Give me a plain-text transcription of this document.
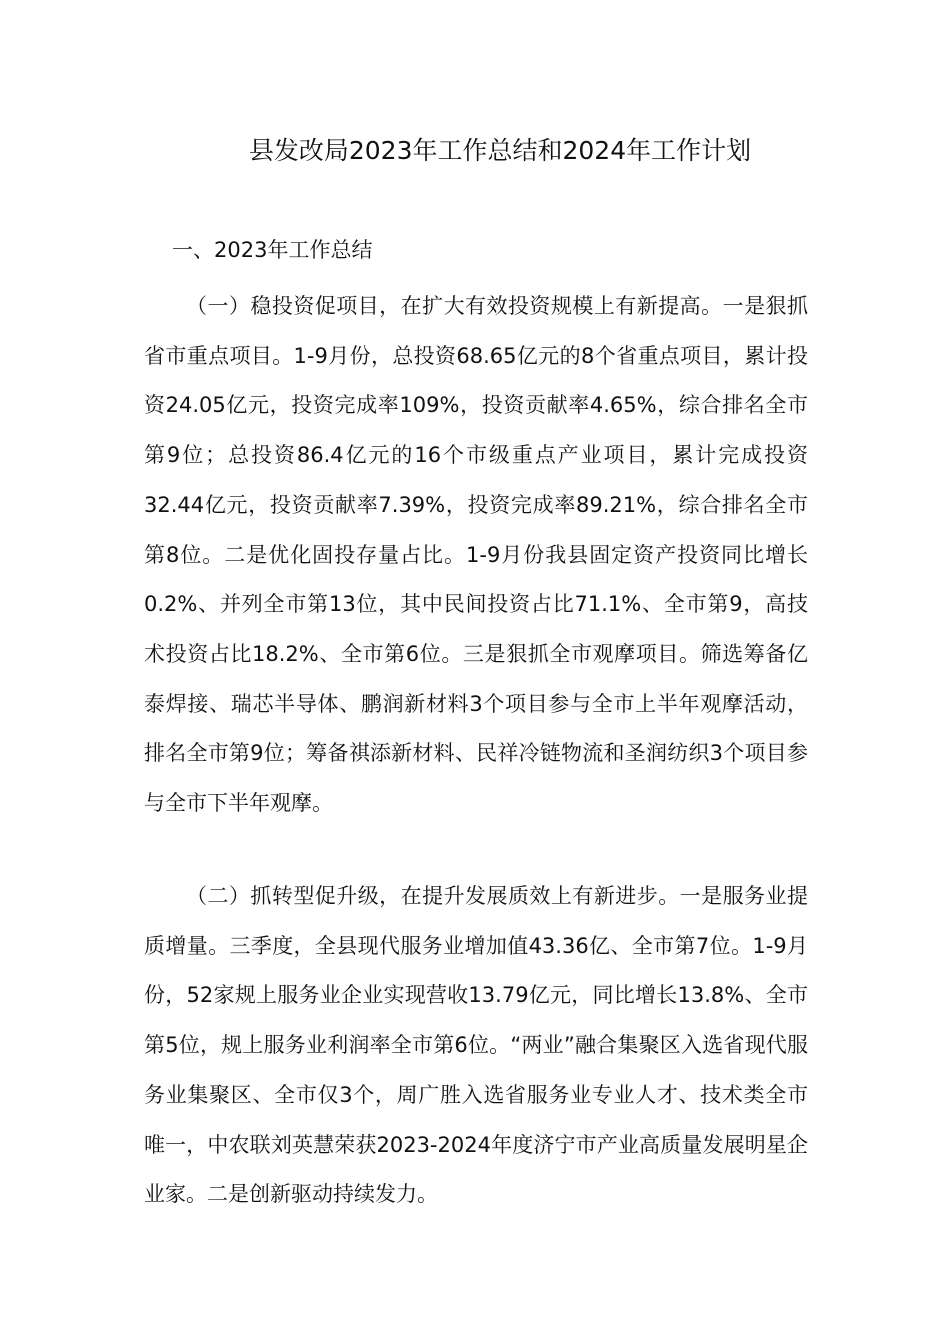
县发改局2023年工作总结和2024年工作计划
一、2023年工作总结

（一）稳投资促项目，在扩大有效投资规模上有新提高。一是狠抓省市重点项目。1-9月份，总投资68.65亿元的8个省重点项目，累计投资24.05亿元，投资完成率109%，投资贡献率4.65%，综合排名全市第9位；总投资86.4亿元的16个市级重点产业项目，累计完成投资32.44亿元，投资贡献率7.39%，投资完成率89.21%，综合排名全市第8位。二是优化固投存量占比。1-9月份我县固定资产投资同比增长0.2%、并列全市第13位，其中民间投资占比71.1%、全市第9，高技术投资占比18.2%、全市第6位。三是狠抓全市观摩项目。筛选筹备亿泰焊接、瑞芯半导体、鹏润新材料3个项目参与全市上半年观摩活动，排名全市第9位；筹备祺添新材料、民祥冷链物流和圣润纺织3个项目参与全市下半年观摩。

（二）抓转型促升级，在提升发展质效上有新进步。一是服务业提质增量。三季度，全县现代服务业增加值43.36亿、全市第7位。1-9月份，52家规上服务业企业实现营收13.79亿元，同比增长13.8%、全市第5位，规上服务业利润率全市第6位。“两业”融合集聚区入选省现代服务业集聚区、全市仅3个，周广胜入选省服务业专业人才、技术类全市唯一，中农联刘英慧荣获2023-2024年度济宁市产业高质量发展明星企业家。二是创新驱动持续发力。
